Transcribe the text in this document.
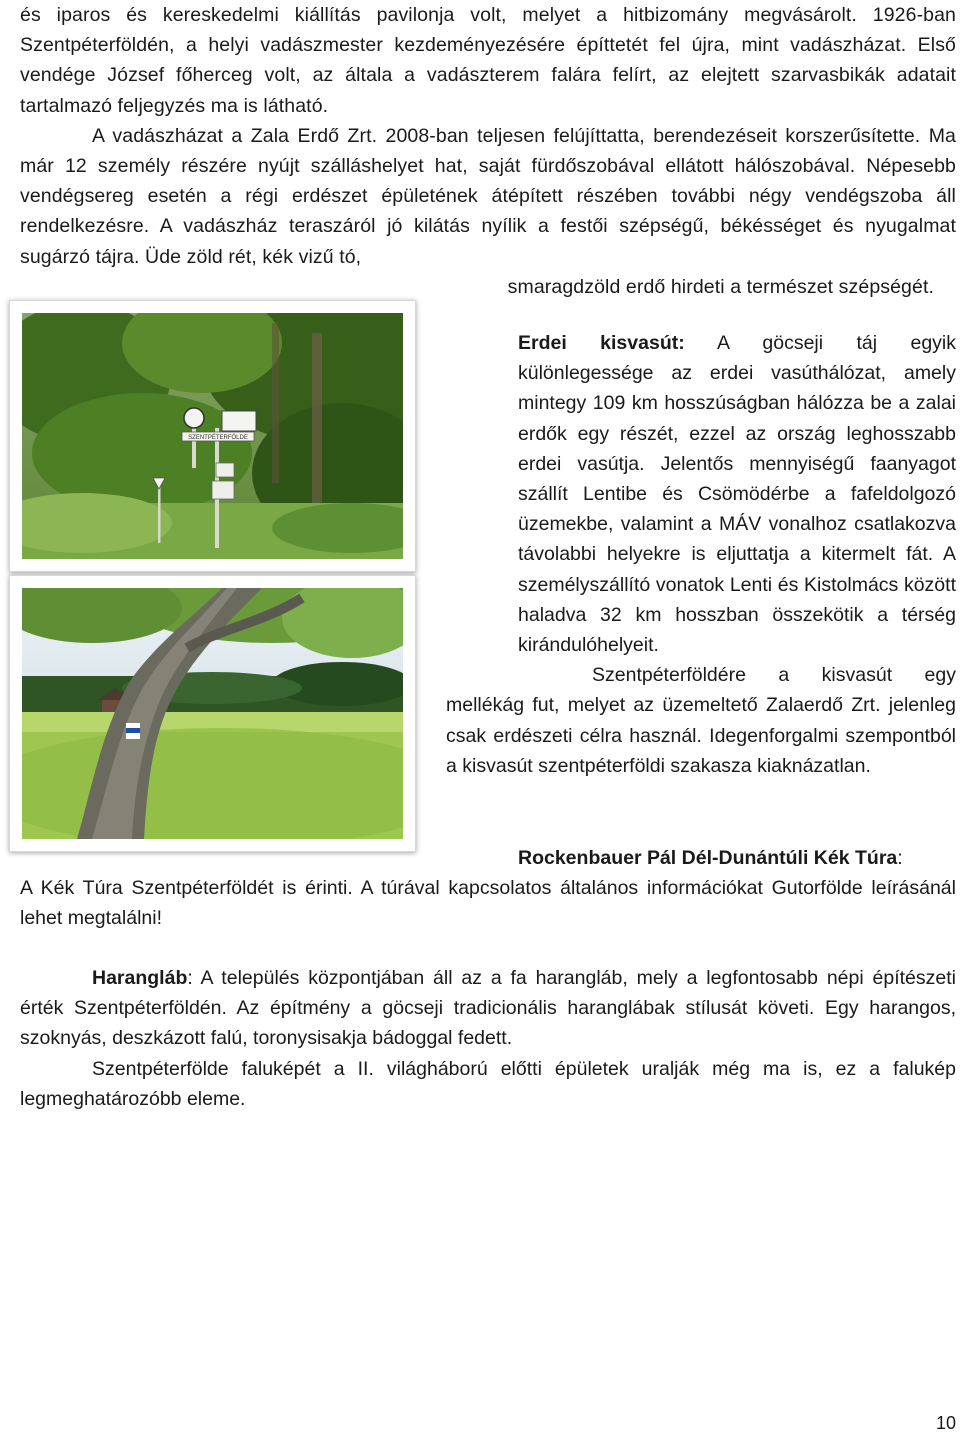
és iparos és kereskedelmi kiállítás pavilonja volt, melyet a hitbizomány megvásárolt. 1926-ban Szentpéterföldén, a helyi vadászmester kezdeményezésére építtetét fel újra, mint vadászházat. Első vendége József főherceg volt, az általa a vadászterem falára felírt, az elejtett szarvasbikák adatait tartalmazó feljegyzés ma is látható.

A vadászházat a Zala Erdő Zrt. 2008-ban teljesen felújíttatta, berendezéseit korszerűsítette. Ma már 12 személy részére nyújt szálláshelyet hat, saját fürdőszobával ellátott hálószobával. Népesebb vendégsereg esetén a régi erdészet épületének átépített részében további négy vendégszoba áll rendelkezésre. A vadászház teraszáról jó kilátás nyílik a festői szépségű, békésséget és nyugalmat sugárzó tájra. Üde zöld rét, kék vizű tó,

smaragdzöld erdő hirdeti a természet szépségét.

SZENTPÉTERFÖLDE

Erdei kisvasút: A göcseji táj egyik különlegessége az erdei vasúthálózat, amely mintegy 109 km hosszúságban hálózza be a zalai erdők egy részét, ezzel az ország leghosszabb erdei vasútja. Jelentős mennyiségű faanyagot szállít Lentibe és Csömödérbe a fafeldolgozó üzemekbe, valamint a MÁV vonalhoz csatlakozva távolabbi helyekre is eljuttatja a kitermelt fát. A személyszállító vonatok Lenti és Kistolmács között haladva 32 km hosszban összekötik a térség kirándulóhelyeit.

Szentpéterföldére a kisvasút egy mellékág fut, melyet az üzemeltető Zalaerdő Zrt. jelenleg csak erdészeti célra használ. Idegenforgalmi szempontból a kisvasút szentpéterföldi szakasza kiaknázatlan.

Rockenbauer Pál Dél-Dunántúli Kék Túra:

A Kék Túra Szentpéterföldét is érinti. A túrával kapcsolatos általános információkat Gutorfölde leírásánál lehet megtalálni!

Harangláb: A település központjában áll az a fa harangláb, mely a legfontosabb népi építészeti érték Szentpéterföldén. Az építmény a göcseji tradicionális haranglábak stílusát követi. Egy harangos, szoknyás, deszkázott falú, toronysisakja bádoggal fedett.

Szentpéterfölde faluképét a II. világháború előtti épületek uralják még ma is, ez a falukép legmeghatározóbb eleme.

10
